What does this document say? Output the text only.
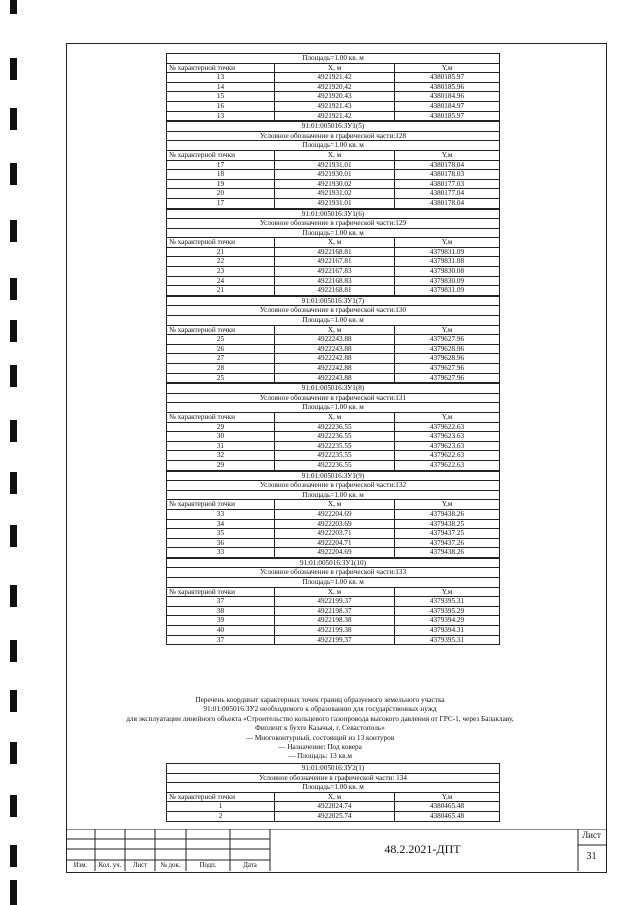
Площадь=1.00 кв. м		
№ характерной точки	X, м	Y,м
13	4921921.42	4380185.97
14	4921920.42	4380185.96
15	4921920.43	4380184.96
16	4921921.43	4380184.97
13	4921921.42	4380185.97
91:01:005016:ЗУ1(5)		
Условное обозначение в графической части:128		
Площадь=1.00 кв. м		
№ характерной точки	X, м	Y,м
17	4921931.01	4380178.04
18	4921930.01	4380178.03
19	4921930.02	4380177.03
20	4921931.02	4380177.04
17	4921931.01	4380178.04
91:01:005016:ЗУ1(6)		
Условное обозначение в графической части:129		
Площадь=1.00 кв. м		
№ характерной точки	X, м	Y,м
21	4922168.81	4379831.09
22	4922167.81	4379831.08
23	4922167.83	4379830.08
24	4922168.83	4379830.09
21	4922168.81	4379831.09
91:01:005016:ЗУ1(7)		
Условное обозначение в графической части:130		
Площадь=1.00 кв. м		
№ характерной точки	X, м	Y,м
25	4922243.88	4379627.96
26	4922243.88	4379628.96
27	4922242.88	4379628.96
28	4922242.88	4379627.96
25	4922243.88	4379627.96
91:01:005016:ЗУ1(8)		
Условное обозначение в графической части:131		
Площадь=1.00 кв. м		
№ характерной точки	X, м	Y,м
29	4922236.55	4379622.63
30	4922236.55	4379623.63
31	4922235.55	4379623.63
32	4922235.55	4379622.63
29	4922236.55	4379622.63
91:01:005016:ЗУ1(9)		
Условное обозначение в графической части:132		
Площадь=1.00 кв. м		
№ характерной точки	X, м	Y,м
33	4922204.69	4379438.26
34	4922203.69	4379438.25
35	4922203.71	4379437.25
36	4922204.71	4379437.26
33	4922204.69	4379438.26
91:01:005016:ЗУ1(10)		
Условное обозначение в графической части:133		
Площадь=1.00 кв. м		
№ характерной точки	X, м	Y,м
37	4922199.37	4379395.31
38	4922198.37	4379395.29
39	4922198.38	4379394.29
40	4922199.38	4379394.31
37	4922199.37	4379395.31
Перечень координат характерных точек границ образуемого земельного участка
91:01:005016:ЗУ2 необходимого к образованию для государственных нужд
для эксплуатации линейного объекта «Строительство кольцевого газопровода высокого давления от ГРС-1, через Балаклаву,
Фиолент к бухте Казачья, г. Севастополь»
— Многоконтурный, состоящий из 13 контуров
— Назначение: Под ковера
— Площадь: 13 кв.м
91:01:005016:ЗУ2(1)		
Условное обозначение в графической части: 134		
Площадь=1.00 кв. м		
№ характерной точки	X, м	Y,м
1	4922024.74	4380465.48
2	4922025.74	4380465.48
Изм.	Кол. уч.	Лист	№ док.	Подп.	Дата
48.2.2021-ДПТ
Лист
31
